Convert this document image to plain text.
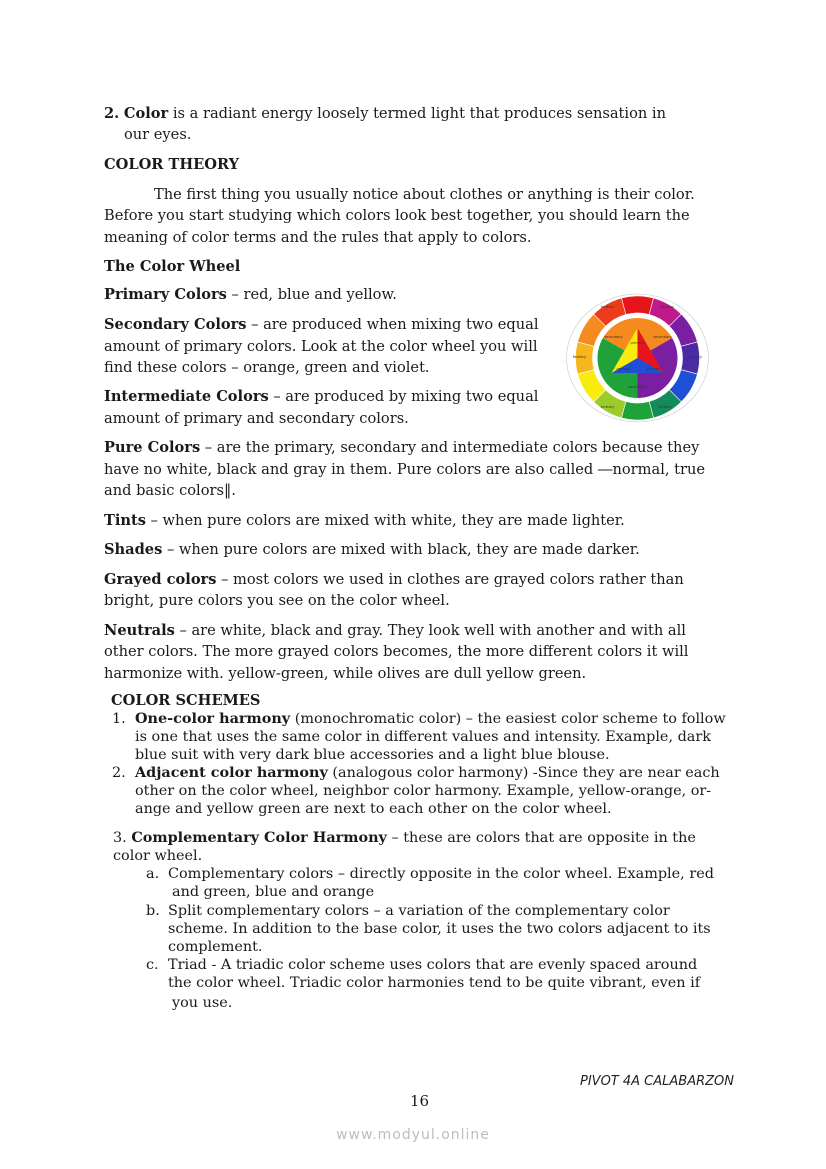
2. Color is a radiant energy loosely termed light that produces sensation in
our eyes.
COLOR THEORY
The first thing you usually notice about clothes or anything is their color.
Before you start studying which colors look best together, you should learn the
meaning of color terms and the rules that apply to colors.
The Color Wheel
Primary Colors – red, blue and yellow.
Secondary Colors – are produced when mixing two equal
amount of primary colors. Look at the color wheel you will
find these colors – orange, green and violet.
Intermediate Colors – are produced by mixing two equal
amount of primary and secondary colors.
primary
primary
primary
secondary	secondary
secondary
tertiary	tertiary
tertiary
tertiary
tertiary
tertiary
Pure Colors – are the primary, secondary and intermediate colors because they
have no white, black and gray in them. Pure colors are also called ―normal, true
and basic colors‖.
Tints – when pure colors are mixed with white, they are made lighter.
Shades – when pure colors are mixed with black, they are made darker.
Grayed colors – most colors we used in clothes are grayed colors rather than
bright, pure colors you see on the color wheel.
Neutrals – are white, black and gray. They look well with another and with all
other colors. The more grayed colors becomes, the more different colors it will
harmonize with. yellow-green, while olives are dull yellow green.
COLOR SCHEMES
1. One-color harmony (monochromatic color) – the easiest color scheme to follow is one that uses the same color in different values and intensity. Example, dark blue suit with very dark blue accessories and a light blue blouse.
2. Adjacent color harmony (analogous color harmony) -Since they are near each other on the color wheel, neighbor color harmony. Example, yellow-orange, or-ange and yellow green are next to each other on the color wheel.
3. Complementary Color Harmony – these are colors that are opposite in the color wheel.
a. Complementary colors – directly opposite in the color wheel. Example, red
and green, blue and orange
b. Split complementary colors – a variation of the complementary color scheme. In addition to the base color, it uses the two colors adjacent to its complement.
c. Triad - A triadic color scheme uses colors that are evenly spaced around the color wheel. Triadic color harmonies tend to be quite vibrant, even if
you use.
PIVOT 4A CALABARZON
16
www.modyul.online
